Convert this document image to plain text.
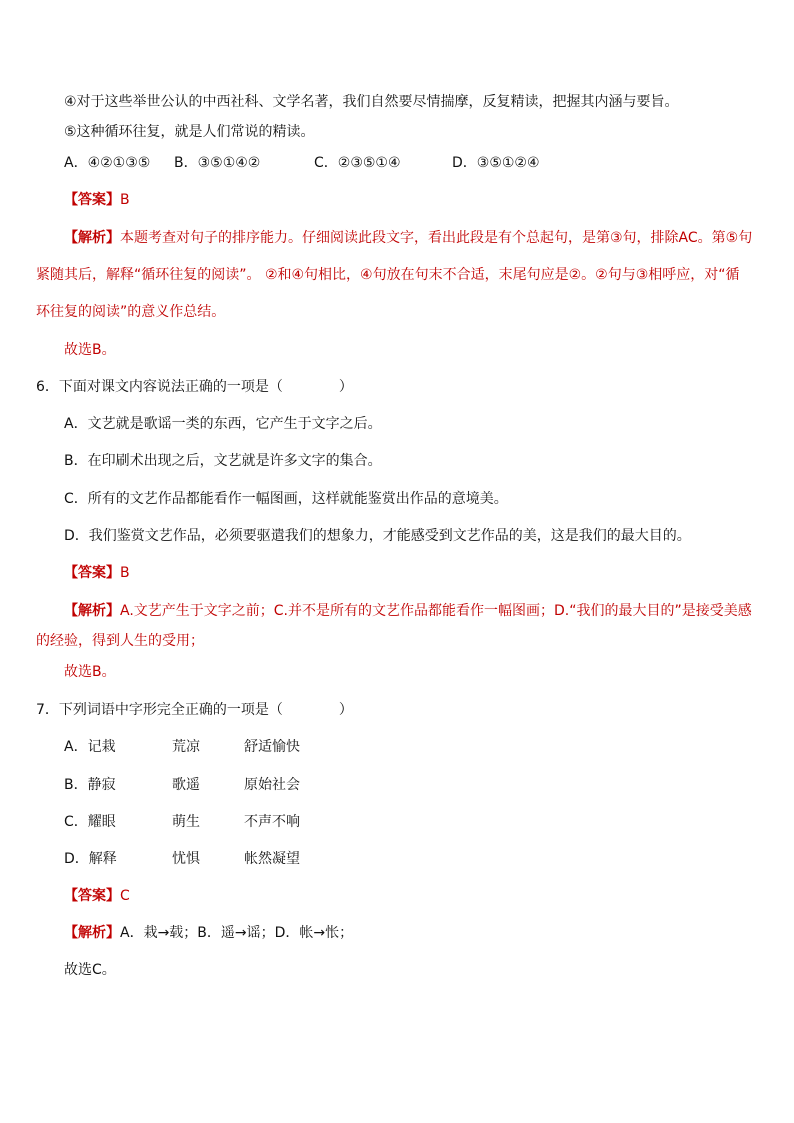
④对于这些举世公认的中西社科、文学名著，我们自然要尽情揣摩，反复精读，把握其内涵与要旨。
⑤这种循环往复，就是人们常说的精读。
A．④②①③⑤ B．③⑤①④②	C．②③⑤①④	D．③⑤①②④
【答案】B
【解析】本题考查对句子的排序能力。仔细阅读此段文字，看出此段是有个总起句，是第③句，排除AC。第⑤句
紧随其后，解释“循环往复的阅读”。 ②和④句相比，④句放在句末不合适，末尾句应是②。②句与③相呼应，对“循
环往复的阅读”的意义作总结。
故选B。
6．下面对课文内容说法正确的一项是（　　　　）
A．文艺就是歌谣一类的东西，它产生于文字之后。
B．在印刷术出现之后，文艺就是许多文字的集合。
C．所有的文艺作品都能看作一幅图画，这样就能鉴赏出作品的意境美。
D．我们鉴赏文艺作品，必须要驱遣我们的想象力，才能感受到文艺作品的美，这是我们的最大目的。
【答案】B
【解析】A.文艺产生于文字之前；C.并不是所有的文艺作品都能看作一幅图画；D.“我们的最大目的”是接受美感
的经验，得到人生的受用；
故选B。
7．下列词语中字形完全正确的一项是（　　　　）
A．记栽	荒凉	舒适愉快
B．静寂	歌遥	原始社会
C．耀眼	萌生	不声不响
D．解释	忧惧	帐然凝望
【答案】C
【解析】A．栽→载；B．遥→谣；D．帐→怅；
故选C。
